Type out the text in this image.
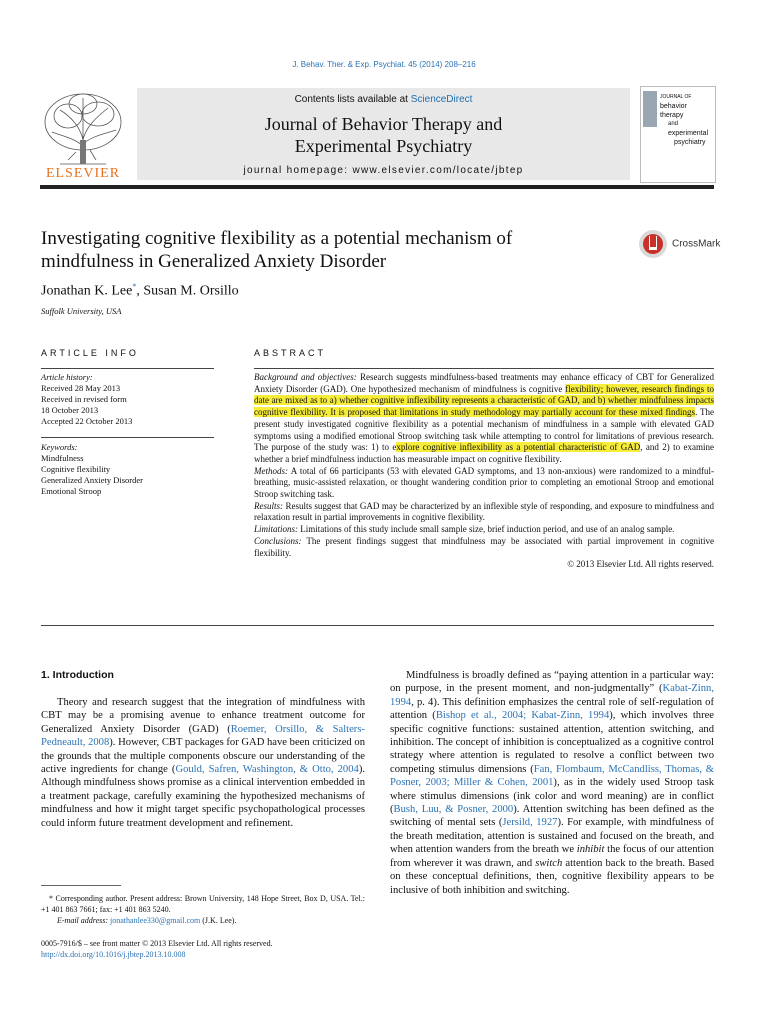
J. Behav. Ther. & Exp. Psychiat. 45 (2014) 208–216
ELSEVIER
Contents lists available at ScienceDirect
Journal of Behavior Therapy and
Experimental Psychiatry
journal homepage: www.elsevier.com/locate/jbtep
JOURNAL OF
behavior
therapy
and
experimental
psychiatry
Investigating cognitive flexibility as a potential mechanism of mindfulness in Generalized Anxiety Disorder
CrossMark
Jonathan K. Lee*, Susan M. Orsillo
Suffolk University, USA
ARTICLE INFO	ABSTRACT
Article history:
Received 28 May 2013
Received in revised form
18 October 2013
Accepted 22 October 2013
Keywords:
Mindfulness
Cognitive flexibility
Generalized Anxiety Disorder
Emotional Stroop

Background and objectives: Research suggests mindfulness-based treatments may enhance efficacy of CBT for Generalized Anxiety Disorder (GAD). One hypothesized mechanism of mindfulness is cognitive flexibility; however, research findings to date are mixed as to a) whether cognitive inflexibility represents a characteristic of GAD, and b) whether mindfulness impacts cognitive flexibility. It is proposed that limitations in study methodology may partially account for these mixed findings. The present study investigated cognitive flexibility as a potential mechanism of mindfulness in a sample with elevated GAD symptoms using a modified emotional Stroop switching task while attempting to control for limitations of previous research. The purpose of the study was: 1) to explore cognitive inflexibility as a potential characteristic of GAD, and 2) to examine whether a brief mindfulness induction has measurable impact on cognitive flexibility.

Methods: A total of 66 participants (53 with elevated GAD symptoms, and 13 non-anxious) were randomized to a mindful-breathing, music-assisted relaxation, or thought wandering condition prior to completing an emotional Stroop and emotional Stroop switching task.

Results: Results suggest that GAD may be characterized by an inflexible style of responding, and exposure to mindfulness and relaxation result in partial improvements in cognitive flexibility.

Limitations: Limitations of this study include small sample size, brief induction period, and use of an analog sample.

Conclusions: The present findings suggest that mindfulness may be associated with partial improvement in cognitive flexibility.

© 2013 Elsevier Ltd. All rights reserved.

1. Introduction
Theory and research suggest that the integration of mindfulness with CBT may be a promising avenue to enhance treatment outcome for Generalized Anxiety Disorder (GAD) (Roemer, Orsillo, & Salters-Pedneault, 2008). However, CBT packages for GAD have been criticized on the grounds that the multiple components obscure our understanding of the active ingredients for change (Gould, Safren, Washington, & Otto, 2004). Although mindfulness shows promise as a clinical intervention embedded in a treatment package, carefully examining the hypothesized mechanisms of mindfulness and how it might target specific psychopathological processes could inform future treatment development and refinement.
Mindfulness is broadly defined as “paying attention in a particular way: on purpose, in the present moment, and non-judgmentally” (Kabat-Zinn, 1994, p. 4). This definition emphasizes the central role of self-regulation of attention (Bishop et al., 2004; Kabat-Zinn, 1994), which involves three specific cognitive functions: sustained attention, attention switching, and inhibition. The concept of inhibition is conceptualized as a cognitive control strategy where attention is regulated to resolve a conflict between two competing stimulus dimensions (Fan, Flombaum, McCandliss, Thomas, & Posner, 2003; Miller & Cohen, 2001), as in the widely used Stroop task where stimulus dimensions (ink color and word meaning) are in conflict (Bush, Luu, & Posner, 2000). Attention switching has been defined as the switching of mental sets (Jersild, 1927). For example, with mindfulness of the breath meditation, attention is sustained and focused on the breath, and when attention wanders from the breath we inhibit the focus of our attention from wherever it was drawn, and switch attention back to the breath. Based on these conceptual definitions, then, cognitive flexibility appears to be inclusive of both inhibition and switching.
* Corresponding author. Present address: Brown University, 148 Hope Street, Box D, USA. Tel.: +1 401 863 7661; fax: +1 401 863 5240.
E-mail address: jonathanlee330@gmail.com (J.K. Lee).
0005-7916/$ – see front matter © 2013 Elsevier Ltd. All rights reserved.
http://dx.doi.org/10.1016/j.jbtep.2013.10.008
